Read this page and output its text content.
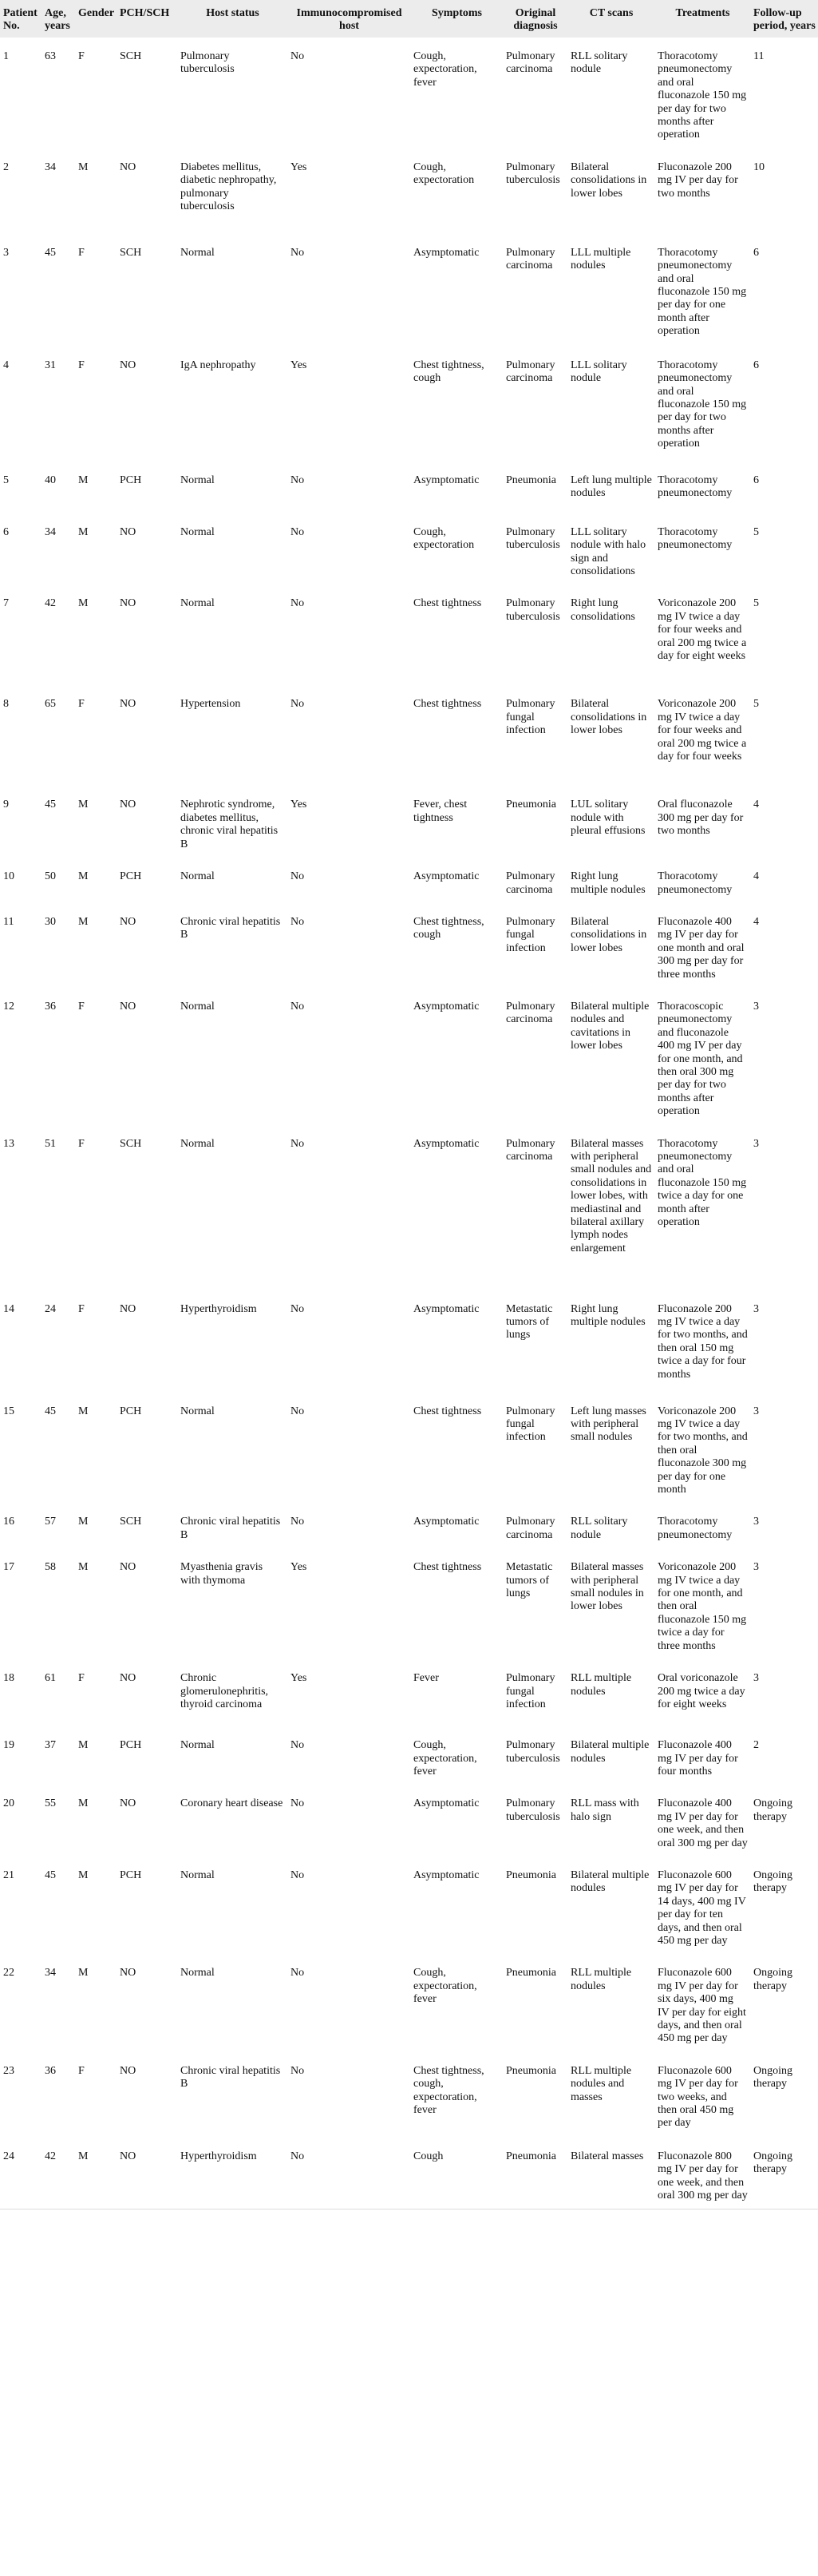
Patient No.	Age, years	Gender	PCH/SCH	Host status	Immunocompromised host	Symptoms	Original diagnosis	CT scans	Treatments	Follow-up period, years
1	63	F	SCH	Pulmonary tuberculosis	No	Cough, expectoration, fever	Pulmonary carcinoma	RLL solitary nodule	Thoracotomy pneumonectomy and oral fluconazole 150 mg per day for two months after operation	11
2	34	M	NO	Diabetes mellitus, diabetic nephropathy, pulmonary tuberculosis	Yes	Cough, expectoration	Pulmonary tuberculosis	Bilateral consolidations in lower lobes	Fluconazole 200 mg IV per day for two months	10
3	45	F	SCH	Normal	No	Asymptomatic	Pulmonary carcinoma	LLL multiple nodules	Thoracotomy pneumonectomy and oral fluconazole 150 mg per day for one month after operation	6
4	31	F	NO	IgA nephropathy	Yes	Chest tightness, cough	Pulmonary carcinoma	LLL solitary nodule	Thoracotomy pneumonectomy and oral fluconazole 150 mg per day for two months after operation	6
5	40	M	PCH	Normal	No	Asymptomatic	Pneumonia	Left lung multiple nodules	Thoracotomy pneumonectomy	6
6	34	M	NO	Normal	No	Cough, expectoration	Pulmonary tuberculosis	LLL solitary nodule with halo sign and consolidations	Thoracotomy pneumonectomy	5
7	42	M	NO	Normal	No	Chest tightness	Pulmonary tuberculosis	Right lung consolidations	Voriconazole 200 mg IV twice a day for four weeks and oral 200 mg twice a day for eight weeks	5
8	65	F	NO	Hypertension	No	Chest tightness	Pulmonary fungal infection	Bilateral consolidations in lower lobes	Voriconazole 200 mg IV twice a day for four weeks and oral 200 mg twice a day for four weeks	5
9	45	M	NO	Nephrotic syndrome, diabetes mellitus, chronic viral hepatitis B	Yes	Fever, chest tightness	Pneumonia	LUL solitary nodule with pleural effusions	Oral fluconazole 300 mg per day for two months	4
10	50	M	PCH	Normal	No	Asymptomatic	Pulmonary carcinoma	Right lung multiple nodules	Thoracotomy pneumonectomy	4
11	30	M	NO	Chronic viral hepatitis B	No	Chest tightness, cough	Pulmonary fungal infection	Bilateral consolidations in lower lobes	Fluconazole 400 mg IV per day for one month and oral 300 mg per day for three months	4
12	36	F	NO	Normal	No	Asymptomatic	Pulmonary carcinoma	Bilateral multiple nodules and cavitations in lower lobes	Thoracoscopic pneumonectomy and fluconazole 400 mg IV per day for one month, and then oral 300 mg per day for two months after operation	3
13	51	F	SCH	Normal	No	Asymptomatic	Pulmonary carcinoma	Bilateral masses with peripheral small nodules and consolidations in lower lobes, with mediastinal and bilateral axillary lymph nodes enlargement	Thoracotomy pneumonectomy and oral fluconazole 150 mg twice a day for one month after operation	3
14	24	F	NO	Hyperthyroidism	No	Asymptomatic	Metastatic tumors of lungs	Right lung multiple nodules	Fluconazole 200 mg IV twice a day for two months, and then oral 150 mg twice a day for four months	3
15	45	M	PCH	Normal	No	Chest tightness	Pulmonary fungal infection	Left lung masses with peripheral small nodules	Voriconazole 200 mg IV twice a day for two months, and then oral fluconazole 300 mg per day for one month	3
16	57	M	SCH	Chronic viral hepatitis B	No	Asymptomatic	Pulmonary carcinoma	RLL solitary nodule	Thoracotomy pneumonectomy	3
17	58	M	NO	Myasthenia gravis with thymoma	Yes	Chest tightness	Metastatic tumors of lungs	Bilateral masses with peripheral small nodules in lower lobes	Voriconazole 200 mg IV twice a day for one month, and then oral fluconazole 150 mg twice a day for three months	3
18	61	F	NO	Chronic glomerulonephritis, thyroid carcinoma	Yes	Fever	Pulmonary fungal infection	RLL multiple nodules	Oral voriconazole 200 mg twice a day for eight weeks	3
19	37	M	PCH	Normal	No	Cough, expectoration, fever	Pulmonary tuberculosis	Bilateral multiple nodules	Fluconazole 400 mg IV per day for four months	2
20	55	M	NO	Coronary heart disease	No	Asymptomatic	Pulmonary tuberculosis	RLL mass with halo sign	Fluconazole 400 mg IV per day for one week, and then oral 300 mg per day	Ongoing therapy
21	45	M	PCH	Normal	No	Asymptomatic	Pneumonia	Bilateral multiple nodules	Fluconazole 600 mg IV per day for 14 days, 400 mg IV per day for ten days, and then oral 450 mg per day	Ongoing therapy
22	34	M	NO	Normal	No	Cough, expectoration, fever	Pneumonia	RLL multiple nodules	Fluconazole 600 mg IV per day for six days, 400 mg IV per day for eight days, and then oral 450 mg per day	Ongoing therapy
23	36	F	NO	Chronic viral hepatitis B	No	Chest tightness, cough, expectoration, fever	Pneumonia	RLL multiple nodules and masses	Fluconazole 600 mg IV per day for two weeks, and then oral 450 mg per day	Ongoing therapy
24	42	M	NO	Hyperthyroidism	No	Cough	Pneumonia	Bilateral masses	Fluconazole 800 mg IV per day for one week, and then oral 300 mg per day	Ongoing therapy
